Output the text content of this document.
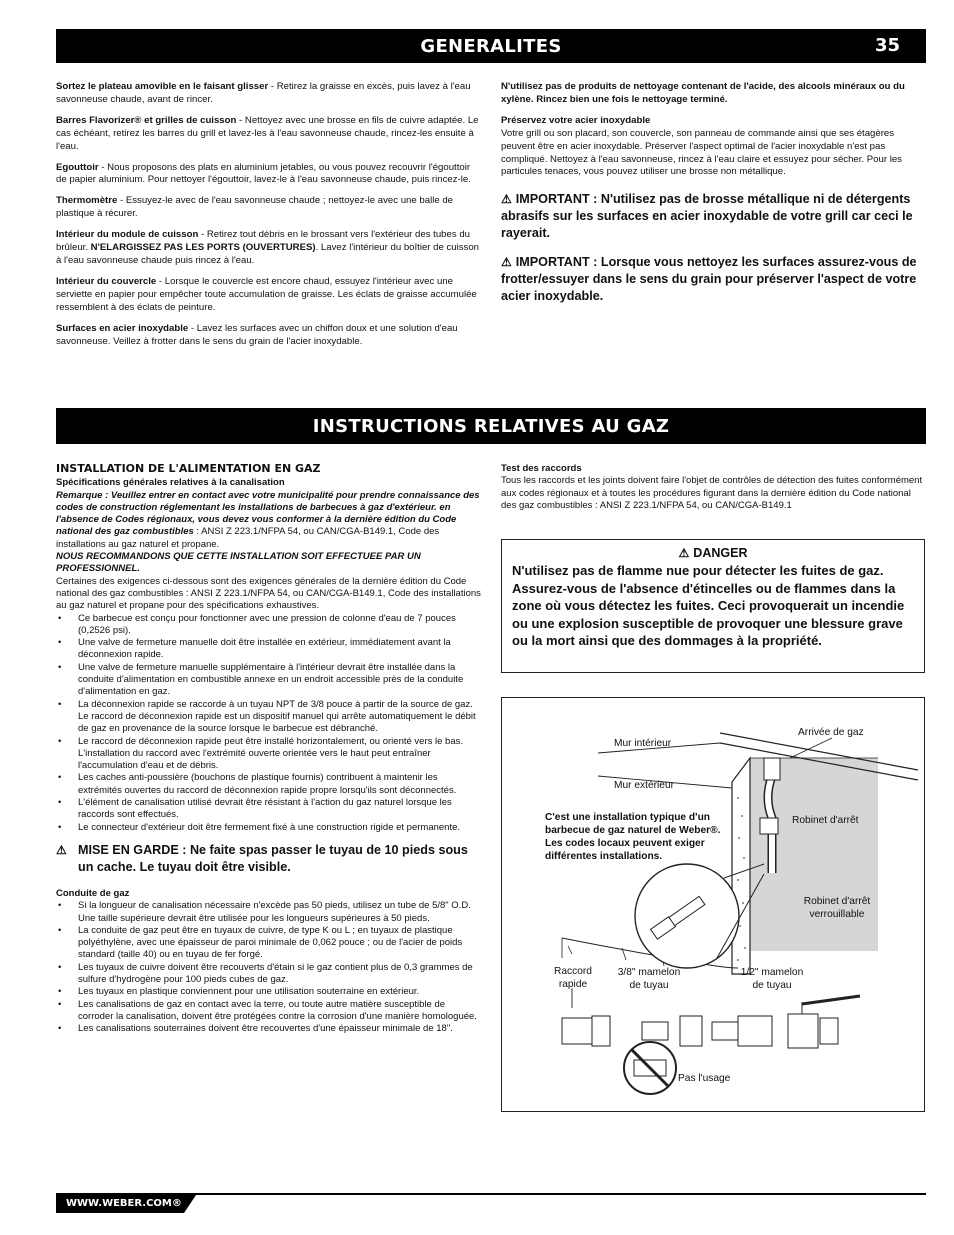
GENERALITES	35

Sortez le plateau amovible en le faisant glisser - Retirez la graisse en excès, puis lavez à l'eau savonneuse chaude, avant de rincer.

Barres Flavorizer® et grilles de cuisson - Nettoyez avec une brosse en fils de cuivre adaptée. Le cas échéant, retirez les barres du grill et lavez-les à l'eau savonneuse chaude, rincez-les ensuite à l'eau.

Egouttoir - Nous proposons des plats en aluminium jetables, ou vous pouvez recouvrir l'égouttoir de papier aluminium. Pour nettoyer l'égouttoir, lavez-le à l'eau savonneuse chaude, puis rincez-le.

Thermomètre - Essuyez-le avec de l'eau savonneuse chaude ; nettoyez-le avec une balle de plastique à récurer.

Intérieur du module de cuisson - Retirez tout débris en le brossant vers l'extérieur des tubes du brûleur. N'ELARGISSEZ PAS LES PORTS (OUVERTURES). Lavez l'intérieur du boîtier de cuisson à l'eau savonneuse chaude puis rincez à l'eau.

Intérieur du couvercle - Lorsque le couvercle est encore chaud, essuyez l'intérieur avec une serviette en papier pour empêcher toute accumulation de graisse. Les éclats de graisse accumulée ressemblent à des éclats de peinture.

Surfaces en acier inoxydable - Lavez les surfaces avec un chiffon doux et une solution d'eau savonneuse. Veillez à frotter dans le sens du grain de l'acier inoxydable.

N'utilisez pas de produits de nettoyage contenant de l'acide, des alcools minéraux ou du xylène. Rincez bien une fois le nettoyage terminé.

Préservez votre acier inoxydable

Votre grill ou son placard, son couvercle, son panneau de commande ainsi que ses étagères peuvent être en acier inoxydable. Préserver l'aspect optimal de l'acier inoxydable n'est pas compliqué. Nettoyez à l'eau savonneuse, rincez à l'eau claire et essuyez pour sécher. Pour les particules tenaces, vous pouvez utiliser une brosse non métallique.

⚠ IMPORTANT : N'utilisez pas de brosse métallique ni de détergents abrasifs sur les surfaces en acier inoxydable de votre grill car ceci le rayerait.
⚠ IMPORTANT : Lorsque vous nettoyez les surfaces assurez-vous de frotter/essuyer dans le sens du grain pour préserver l'aspect de votre acier inoxydable.
INSTRUCTIONS RELATIVES AU GAZ
INSTALLATION DE L'ALIMENTATION EN GAZ
Spécifications générales relatives à la canalisation
Remarque : Veuillez entrer en contact avec votre municipalité pour prendre connaissance des codes de construction réglementant les installations de barbecues à gaz d'extérieur. en l'absence de Codes régionaux, vous devez vous conformer à la dernière édition du Code national des gaz combustibles : ANSI Z 223.1/NFPA 54, ou CAN/CGA-B149.1, Code des installations au gaz naturel et propane.
NOUS RECOMMANDONS QUE CETTE INSTALLATION SOIT EFFECTUEE PAR UN PROFESSIONNEL.
Certaines des exigences ci-dessous sont des exigences générales de la dernière édition du Code national des gaz combustibles : ANSI Z 223.1/NFPA 54, ou CAN/CGA-B149.1, Code des installations au gaz naturel et propane pour des spécifications exhaustives.
• Ce barbecue est conçu pour fonctionner avec une pression de colonne d'eau de 7 pouces (0,2526 psi).
• Une valve de fermeture manuelle doit être installée en extérieur, immédiatement avant la déconnexion rapide.
• Une valve de fermeture manuelle supplémentaire à l'intérieur devrait être installée dans la conduite d'alimentation en combustible annexe en un endroit accessible près de la conduite d'alimentation en gaz.
• La déconnexion rapide se raccorde à un tuyau NPT de 3/8 pouce à partir de la source de gaz. Le raccord de déconnexion rapide est un dispositif manuel qui arrête automatiquement le débit de gaz en provenance de la source lorsque le barbecue est débranché.
• Le raccord de déconnexion rapide peut être installé horizontalement, ou orienté vers le bas. L'installation du raccord avec l'extrémité ouverte orientée vers le haut peut entraîner l'accumulation d'eau et de débris.
• Les caches anti-poussière (bouchons de plastique fournis) contribuent à maintenir les extrémités ouvertes du raccord de déconnexion rapide propre lorsqu'ils sont déconnectés.
• L'élément de canalisation utilisé devrait être résistant à l'action du gaz naturel lorsque les raccords sont effectués.
• Le connecteur d'extérieur doit être fermement fixé à une construction rigide et permanente.
⚠ MISE EN GARDE : Ne faite spas passer le tuyau de 10 pieds sous un cache. Le tuyau doit être visible.
Conduite de gaz
• Si la longueur de canalisation nécessaire n'excède pas 50 pieds, utilisez un tube de 5/8" O.D. Une taille supérieure devrait être utilisée pour les longueurs supérieures à 50 pieds.
• La conduite de gaz peut être en tuyaux de cuivre, de type K ou L ; en tuyaux de plastique polyéthylène, avec une épaisseur de paroi minimale de 0,062 pouce ; ou de l'acier de poids standard (taille 40) ou en tuyau de fer forgé.
• Les tuyaux de cuivre doivent être recouverts d'étain si le gaz contient plus de 0,3 grammes de sulfure d'hydrogène pour 100 pieds cubes de gaz.
• Les tuyaux en plastique conviennent pour une utilisation souterraine en extérieur.
• Les canalisations de gaz en contact avec la terre, ou toute autre matière susceptible de corroder la canalisation, doivent être protégées contre la corrosion d'une manière homologuée.
• Les canalisations souterraines doivent être recouvertes d'une épaisseur minimale de 18".
Test des raccords
Tous les raccords et les joints doivent faire l'objet de contrôles de détection des fuites conformément aux codes régionaux et à toutes les procédures figurant dans la dernière édition du Code national des gaz combustibles : ANSI Z 223.1/NFPA 54, ou CAN/CGA-B149.1
⚠ DANGER
N'utilisez pas de flamme nue pour détecter les fuites de gaz. Assurez-vous de l'absence d'étincelles ou de flammes dans la zone où vous détectez les fuites. Ceci provoquerait un incendie ou une explosion susceptible de provoquer une blessure grave ou la mort ainsi que des dommages à la propriété.
Mur intérieur
Arrivée de gaz
Mur extérieur
C'est une installation typique d'un barbecue de gaz naturel de Weber®. Les codes locaux peuvent exiger différentes installations.
Robinet d'arrêt
Robinet d'arrêt
verrouillable
Raccord
rapide
3/8" mamelon
de tuyau
1/2" mamelon
de tuyau
Pas l'usage
WWW.WEBER.COM®
